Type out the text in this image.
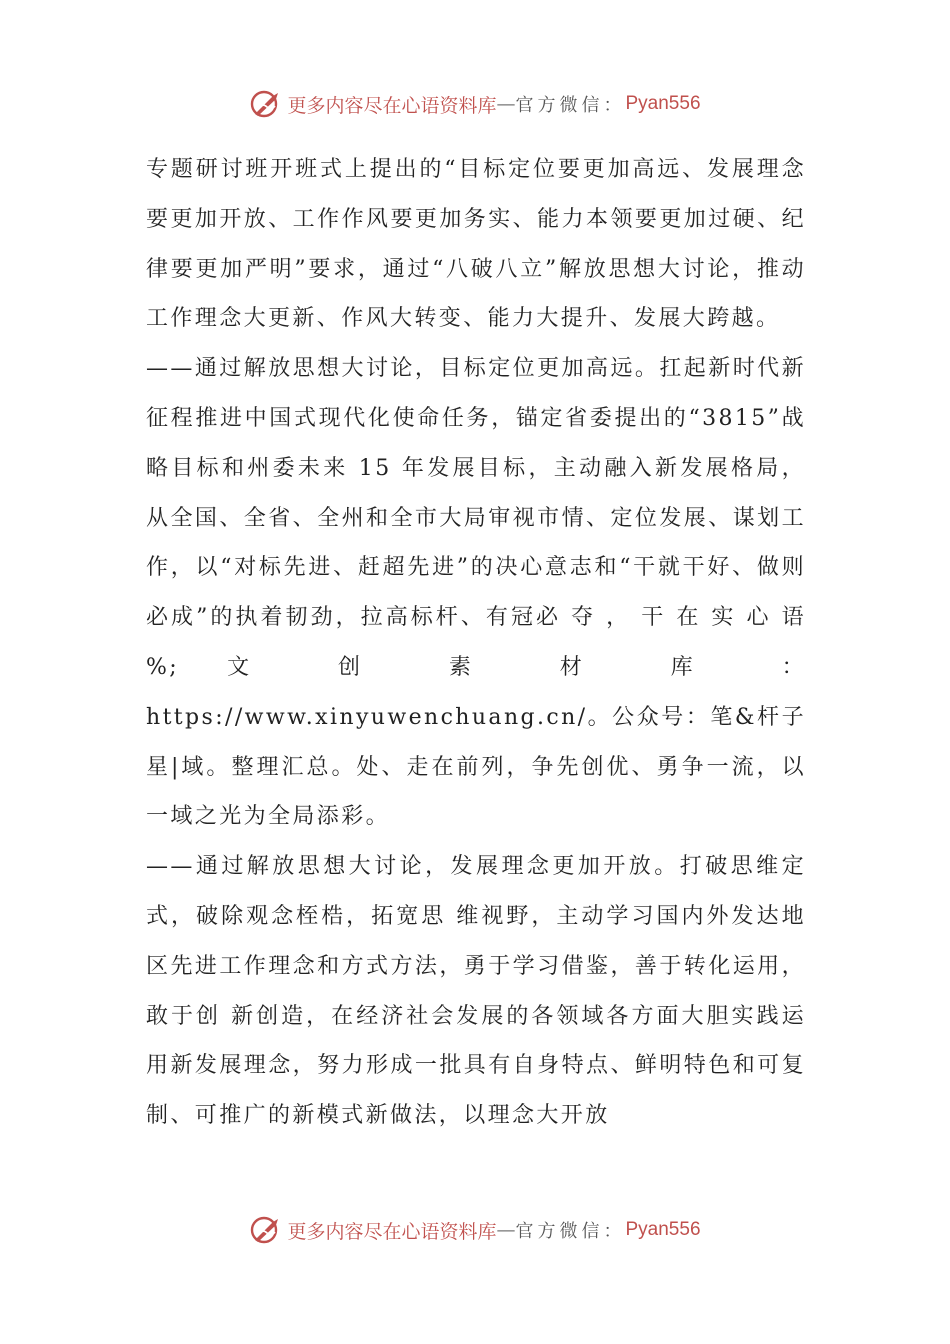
更多内容尽在心语资料库 — 官方微信： Pyan556

专题研讨班开班式上提出的“目标定位要更加高远、发展理念要更加开放、工作作风要更加务实、能力本领要更加过硬、纪律要更加严明”要求，通过“八破八立”解放思想大讨论，推动 工作理念大更新、作风大转变、能力大提升、发展大跨越。

——通过解放思想大讨论，目标定位更加高远。扛起新时代新征程推进中国式现代化使命任务，锚定省委提出的“3815”战略目标和州委未来 15 年发展目标，主动融入新发展格局，从全国、全省、全州和全市大局审视市情、定位发展、谋划工作，以“对标先进、赶超先进”的决心意志和“干就干好、做则必成”的执着韧劲，拉高标杆、有冠必 夺 ， 干 在 实 心 语 %; 文 创 素 材 库 ： https://www.xinyuwenchuang.cn/。公众号：笔&杆子星|域。整理汇总。处、走在前列，争先创优、勇争一流，以一域之光为全局添彩。

——通过解放思想大讨论，发展理念更加开放。打破思维定式，破除观念桎梏，拓宽思 维视野，主动学习国内外发达地区先进工作理念和方式方法，勇于学习借鉴，善于转化运用，敢于创 新创造，在经济社会发展的各领域各方面大胆实践运用新发展理念，努力形成一批具有自身特点、鲜明特色和可复制、可推广的新模式新做法，以理念大开放

更多内容尽在心语资料库 — 官方微信： Pyan556
